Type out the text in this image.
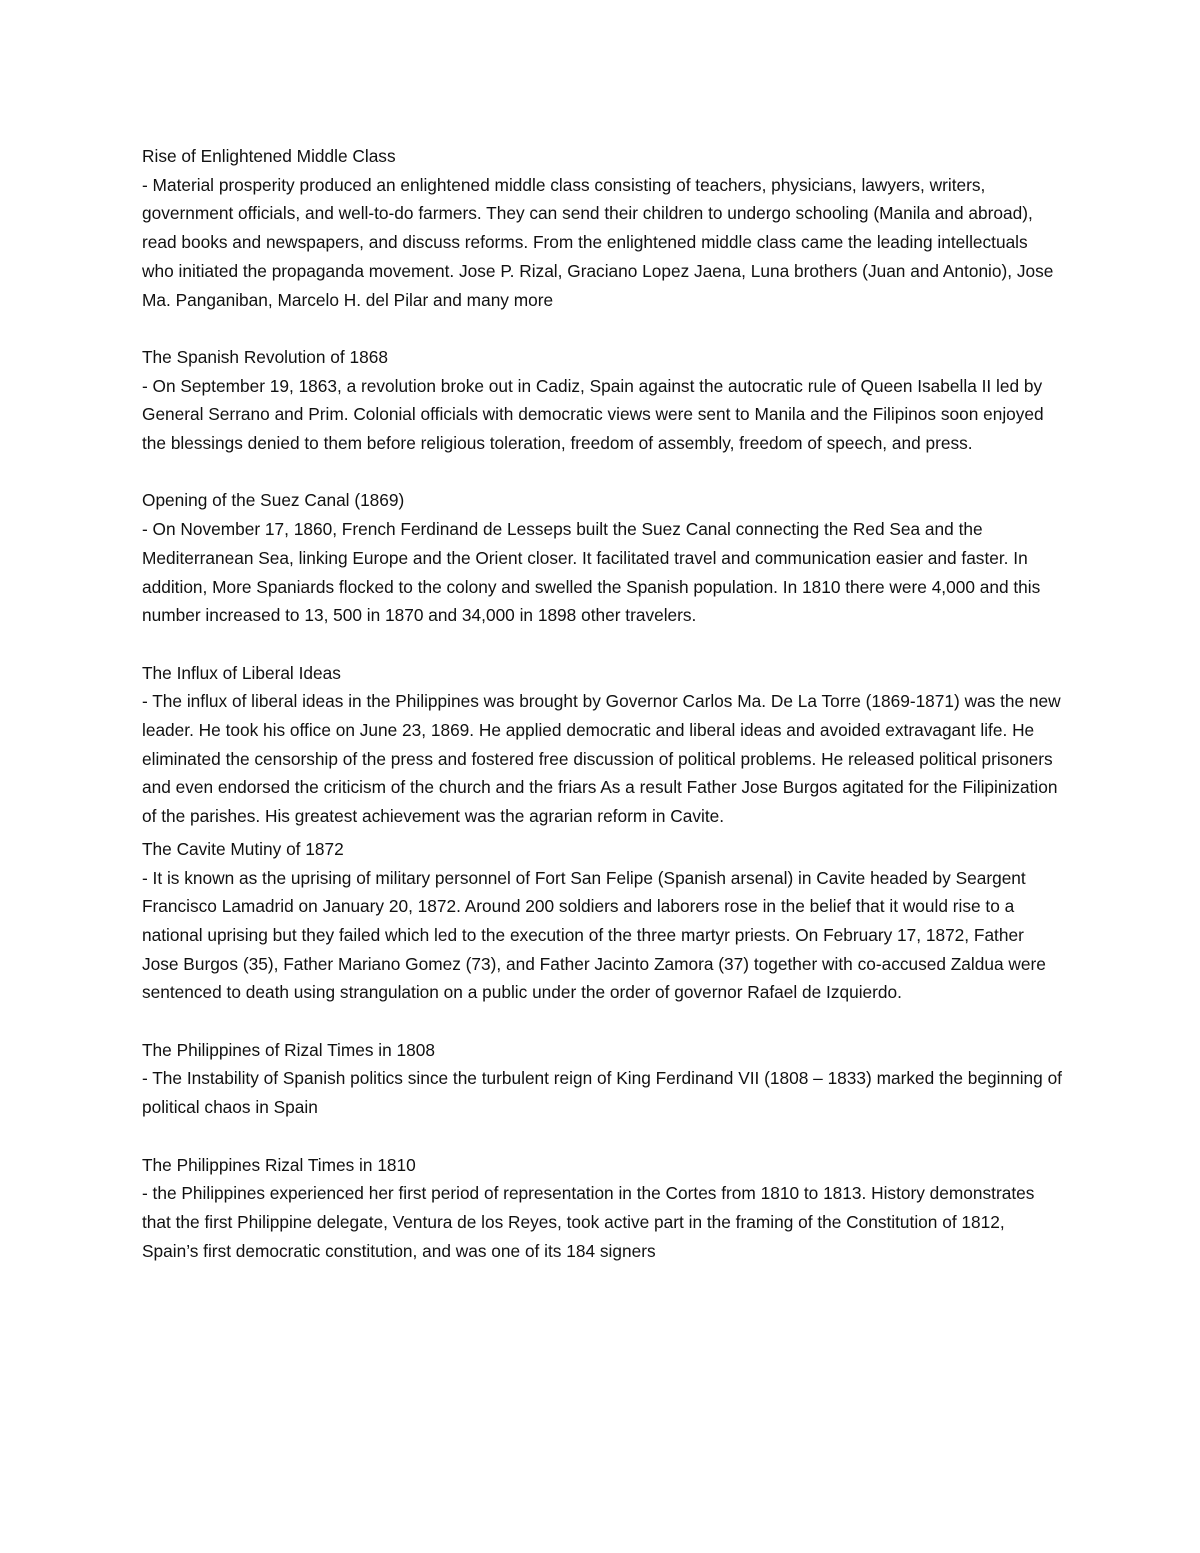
Rise of Enlightened Middle Class
- Material prosperity produced an enlightened middle class consisting of teachers, physicians, lawyers, writers, government officials, and well-to-do farmers. They can send their children to undergo schooling (Manila and abroad), read books and newspapers, and discuss reforms. From the enlightened middle class came the leading intellectuals who initiated the propaganda movement. Jose P. Rizal, Graciano Lopez Jaena, Luna brothers (Juan and Antonio), Jose Ma. Panganiban, Marcelo H. del Pilar and many more
The Spanish Revolution of 1868
- On September 19, 1863, a revolution broke out in Cadiz, Spain against the autocratic rule of Queen Isabella II led by General Serrano and Prim. Colonial officials with democratic views were sent to Manila and the Filipinos soon enjoyed the blessings denied to them before religious toleration, freedom of assembly, freedom of speech, and press.
Opening of the Suez Canal (1869)
- On November 17, 1860, French Ferdinand de Lesseps built the Suez Canal connecting the Red Sea and the Mediterranean Sea, linking Europe and the Orient closer. It facilitated travel and communication easier and faster. In addition, More Spaniards flocked to the colony and swelled the Spanish population. In 1810 there were 4,000 and this number increased to 13, 500 in 1870 and 34,000 in 1898 other travelers.
The Influx of Liberal Ideas
- The influx of liberal ideas in the Philippines was brought by Governor Carlos Ma. De La Torre (1869-1871) was the new leader. He took his office on June 23, 1869. He applied democratic and liberal ideas and avoided extravagant life. He eliminated the censorship of the press and fostered free discussion of political problems. He released political prisoners and even endorsed the criticism of the church and the friars As a result Father Jose Burgos agitated for the Filipinization of the parishes. His greatest achievement was the agrarian reform in Cavite.
The Cavite Mutiny of 1872
- It is known as the uprising of military personnel of Fort San Felipe (Spanish arsenal) in Cavite headed by Seargent Francisco Lamadrid on January 20, 1872. Around 200 soldiers and laborers rose in the belief that it would rise to a national uprising but they failed which led to the execution of the three martyr priests. On February 17, 1872, Father Jose Burgos (35), Father Mariano Gomez (73), and Father Jacinto Zamora (37) together with co-accused Zaldua were sentenced to death using strangulation on a public under the order of governor Rafael de Izquierdo.
The Philippines of Rizal Times in 1808
- The Instability of Spanish politics since the turbulent reign of King Ferdinand VII (1808 – 1833) marked the beginning of political chaos in Spain
The Philippines Rizal Times in 1810
- the Philippines experienced her first period of representation in the Cortes from 1810 to 1813. History demonstrates that the first Philippine delegate, Ventura de los Reyes, took active part in the framing of the Constitution of 1812, Spain’s first democratic constitution, and was one of its 184 signers
